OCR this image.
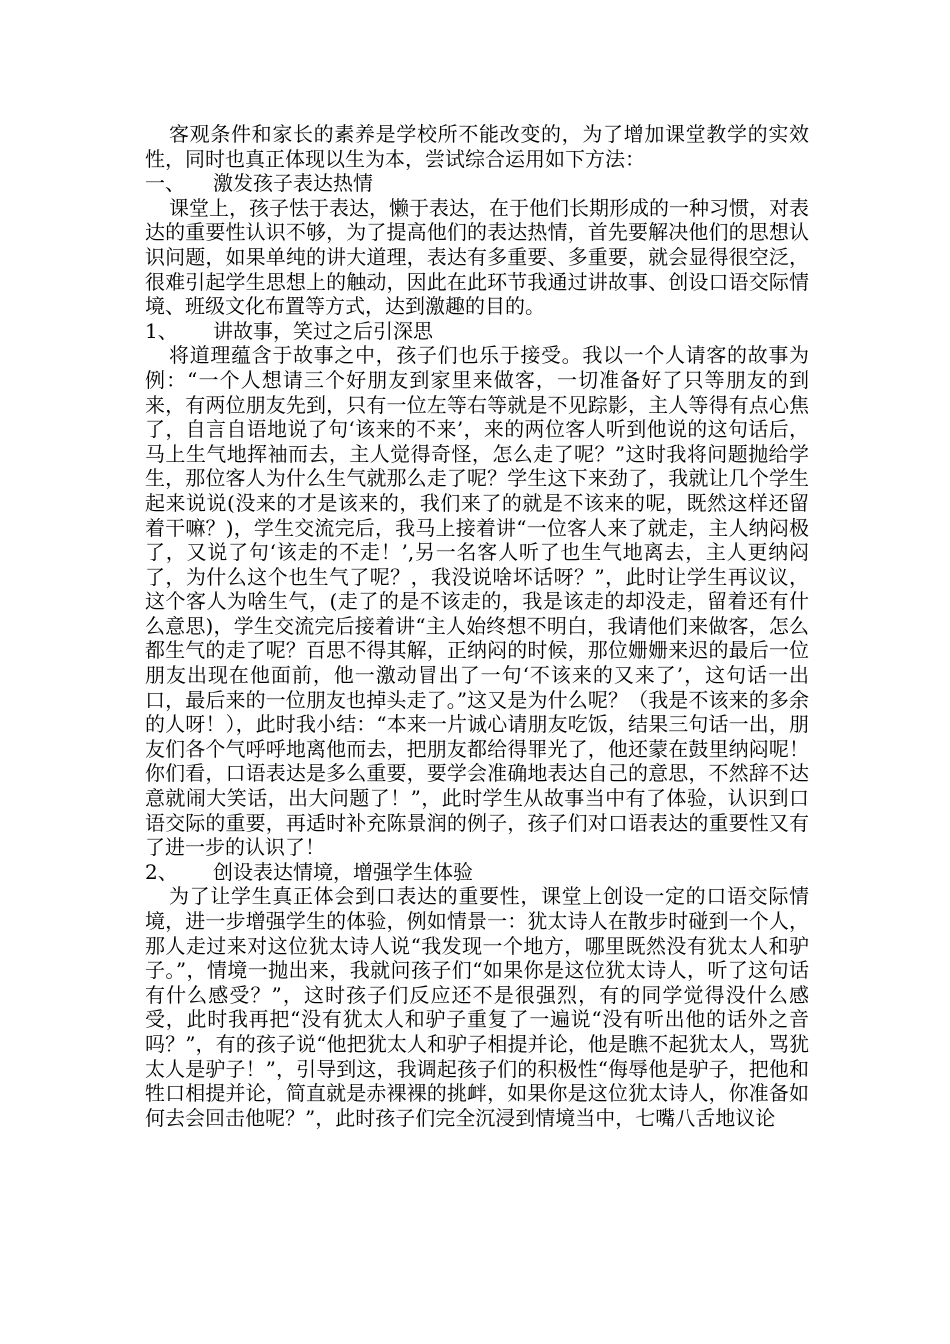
客观条件和家长的素养是学校所不能改变的，为了增加课堂教学的实效性，同时也真正体现以生为本，尝试综合运用如下方法：

一、 激发孩子表达热情

课堂上，孩子怯于表达，懒于表达，在于他们长期形成的一种习惯，对表达的重要性认识不够，为了提高他们的表达热情，首先要解决他们的思想认识问题，如果单纯的讲大道理，表达有多重要、多重要，就会显得很空泛，很难引起学生思想上的触动，因此在此环节我通过讲故事、创设口语交际情境、班级文化布置等方式，达到激趣的目的。

1、 讲故事，笑过之后引深思

将道理蕴含于故事之中，孩子们也乐于接受。我以一个人请客的故事为例：“一个人想请三个好朋友到家里来做客，一切准备好了只等朋友的到来，有两位朋友先到，只有一位左等右等就是不见踪影，主人等得有点心焦了，自言自语地说了句‘该来的不来’，来的两位客人听到他说的这句话后，马上生气地挥袖而去，主人觉得奇怪，怎么走了呢？”这时我将问题抛给学生，那位客人为什么生气就那么走了呢？学生这下来劲了，我就让几个学生起来说说(没来的才是该来的，我们来了的就是不该来的呢，既然这样还留着干嘛？)，学生交流完后，我马上接着讲“一位客人来了就走，主人纳闷极了，又说了句‘该走的不走！’,另一名客人听了也生气地离去，主人更纳闷了，为什么这个也生气了呢？，我没说啥坏话呀？”，此时让学生再议议，这个客人为啥生气，(走了的是不该走的，我是该走的却没走，留着还有什么意思)，学生交流完后接着讲“主人始终想不明白，我请他们来做客，怎么都生气的走了呢？百思不得其解，正纳闷的时候，那位姗姗来迟的最后一位朋友出现在他面前，他一激动冒出了一句‘不该来的又来了’，这句话一出口，最后来的一位朋友也掉头走了。”这又是为什么呢？（我是不该来的多余的人呀！），此时我小结：“本来一片诚心请朋友吃饭，结果三句话一出，朋友们各个气呼呼地离他而去，把朋友都给得罪光了，他还蒙在鼓里纳闷呢！你们看，口语表达是多么重要，要学会准确地表达自己的意思，不然辞不达意就闹大笑话，出大问题了！”，此时学生从故事当中有了体验，认识到口语交际的重要，再适时补充陈景润的例子，孩子们对口语表达的重要性又有了进一步的认识了！

2、 创设表达情境，增强学生体验

为了让学生真正体会到口表达的重要性，课堂上创设一定的口语交际情境，进一步增强学生的体验，例如情景一：犹太诗人在散步时碰到一个人，那人走过来对这位犹太诗人说“我发现一个地方，哪里既然没有犹太人和驴子。”，情境一抛出来，我就问孩子们“如果你是这位犹太诗人，听了这句话有什么感受？”，这时孩子们反应还不是很强烈，有的同学觉得没什么感受，此时我再把“没有犹太人和驴子重复了一遍说“没有听出他的话外之音吗？”，有的孩子说“他把犹太人和驴子相提并论，他是瞧不起犹太人，骂犹太人是驴子！”，引导到这，我调起孩子们的积极性“侮辱他是驴子，把他和牲口相提并论，简直就是赤裸裸的挑衅，如果你是这位犹太诗人，你准备如何去会回击他呢？”，此时孩子们完全沉浸到情境当中，七嘴八舌地议论
